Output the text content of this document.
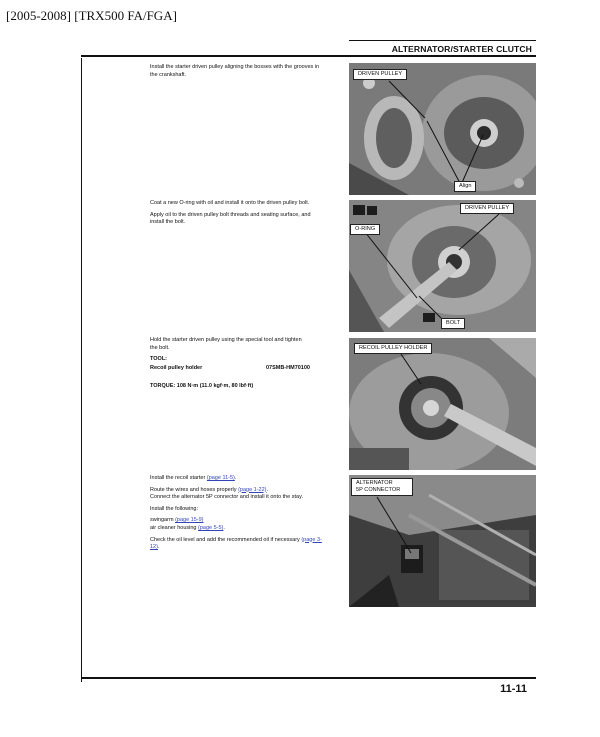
[2005-2008] [TRX500 FA/FGA]
ALTERNATOR/STARTER CLUTCH

Install the starter driven pulley aligning the bosses with the grooves in the crankshaft.	DRIVEN PULLEY
Align

Coat a new O-ring with oil and install it onto the driven pulley bolt.

Apply oil to the driven pulley bolt threads and seating surface, and install the bolt.

DRIVEN PULLEY
O-RING
BOLT

Hold the starter driven pulley using the special tool and tighten the bolt.

TOOL:

Recoil pulley holder	07SMB-HM70100

TORQUE: 108 N·m (11.0 kgf·m, 80 lbf·ft)

RECOIL PULLEY HOLDER

Install the recoil starter (page 11-5).

Route the wires and hoses properly (page 1-22).

Connect the alternator 5P connector and install it onto the stay.

Install the following:

swingarm (page 15-9)
air cleaner housing (page 5-5).

Check the oil level and add the recommended oil if necessary (page 3-12).

ALTERNATOR
5P CONNECTOR
11-11
